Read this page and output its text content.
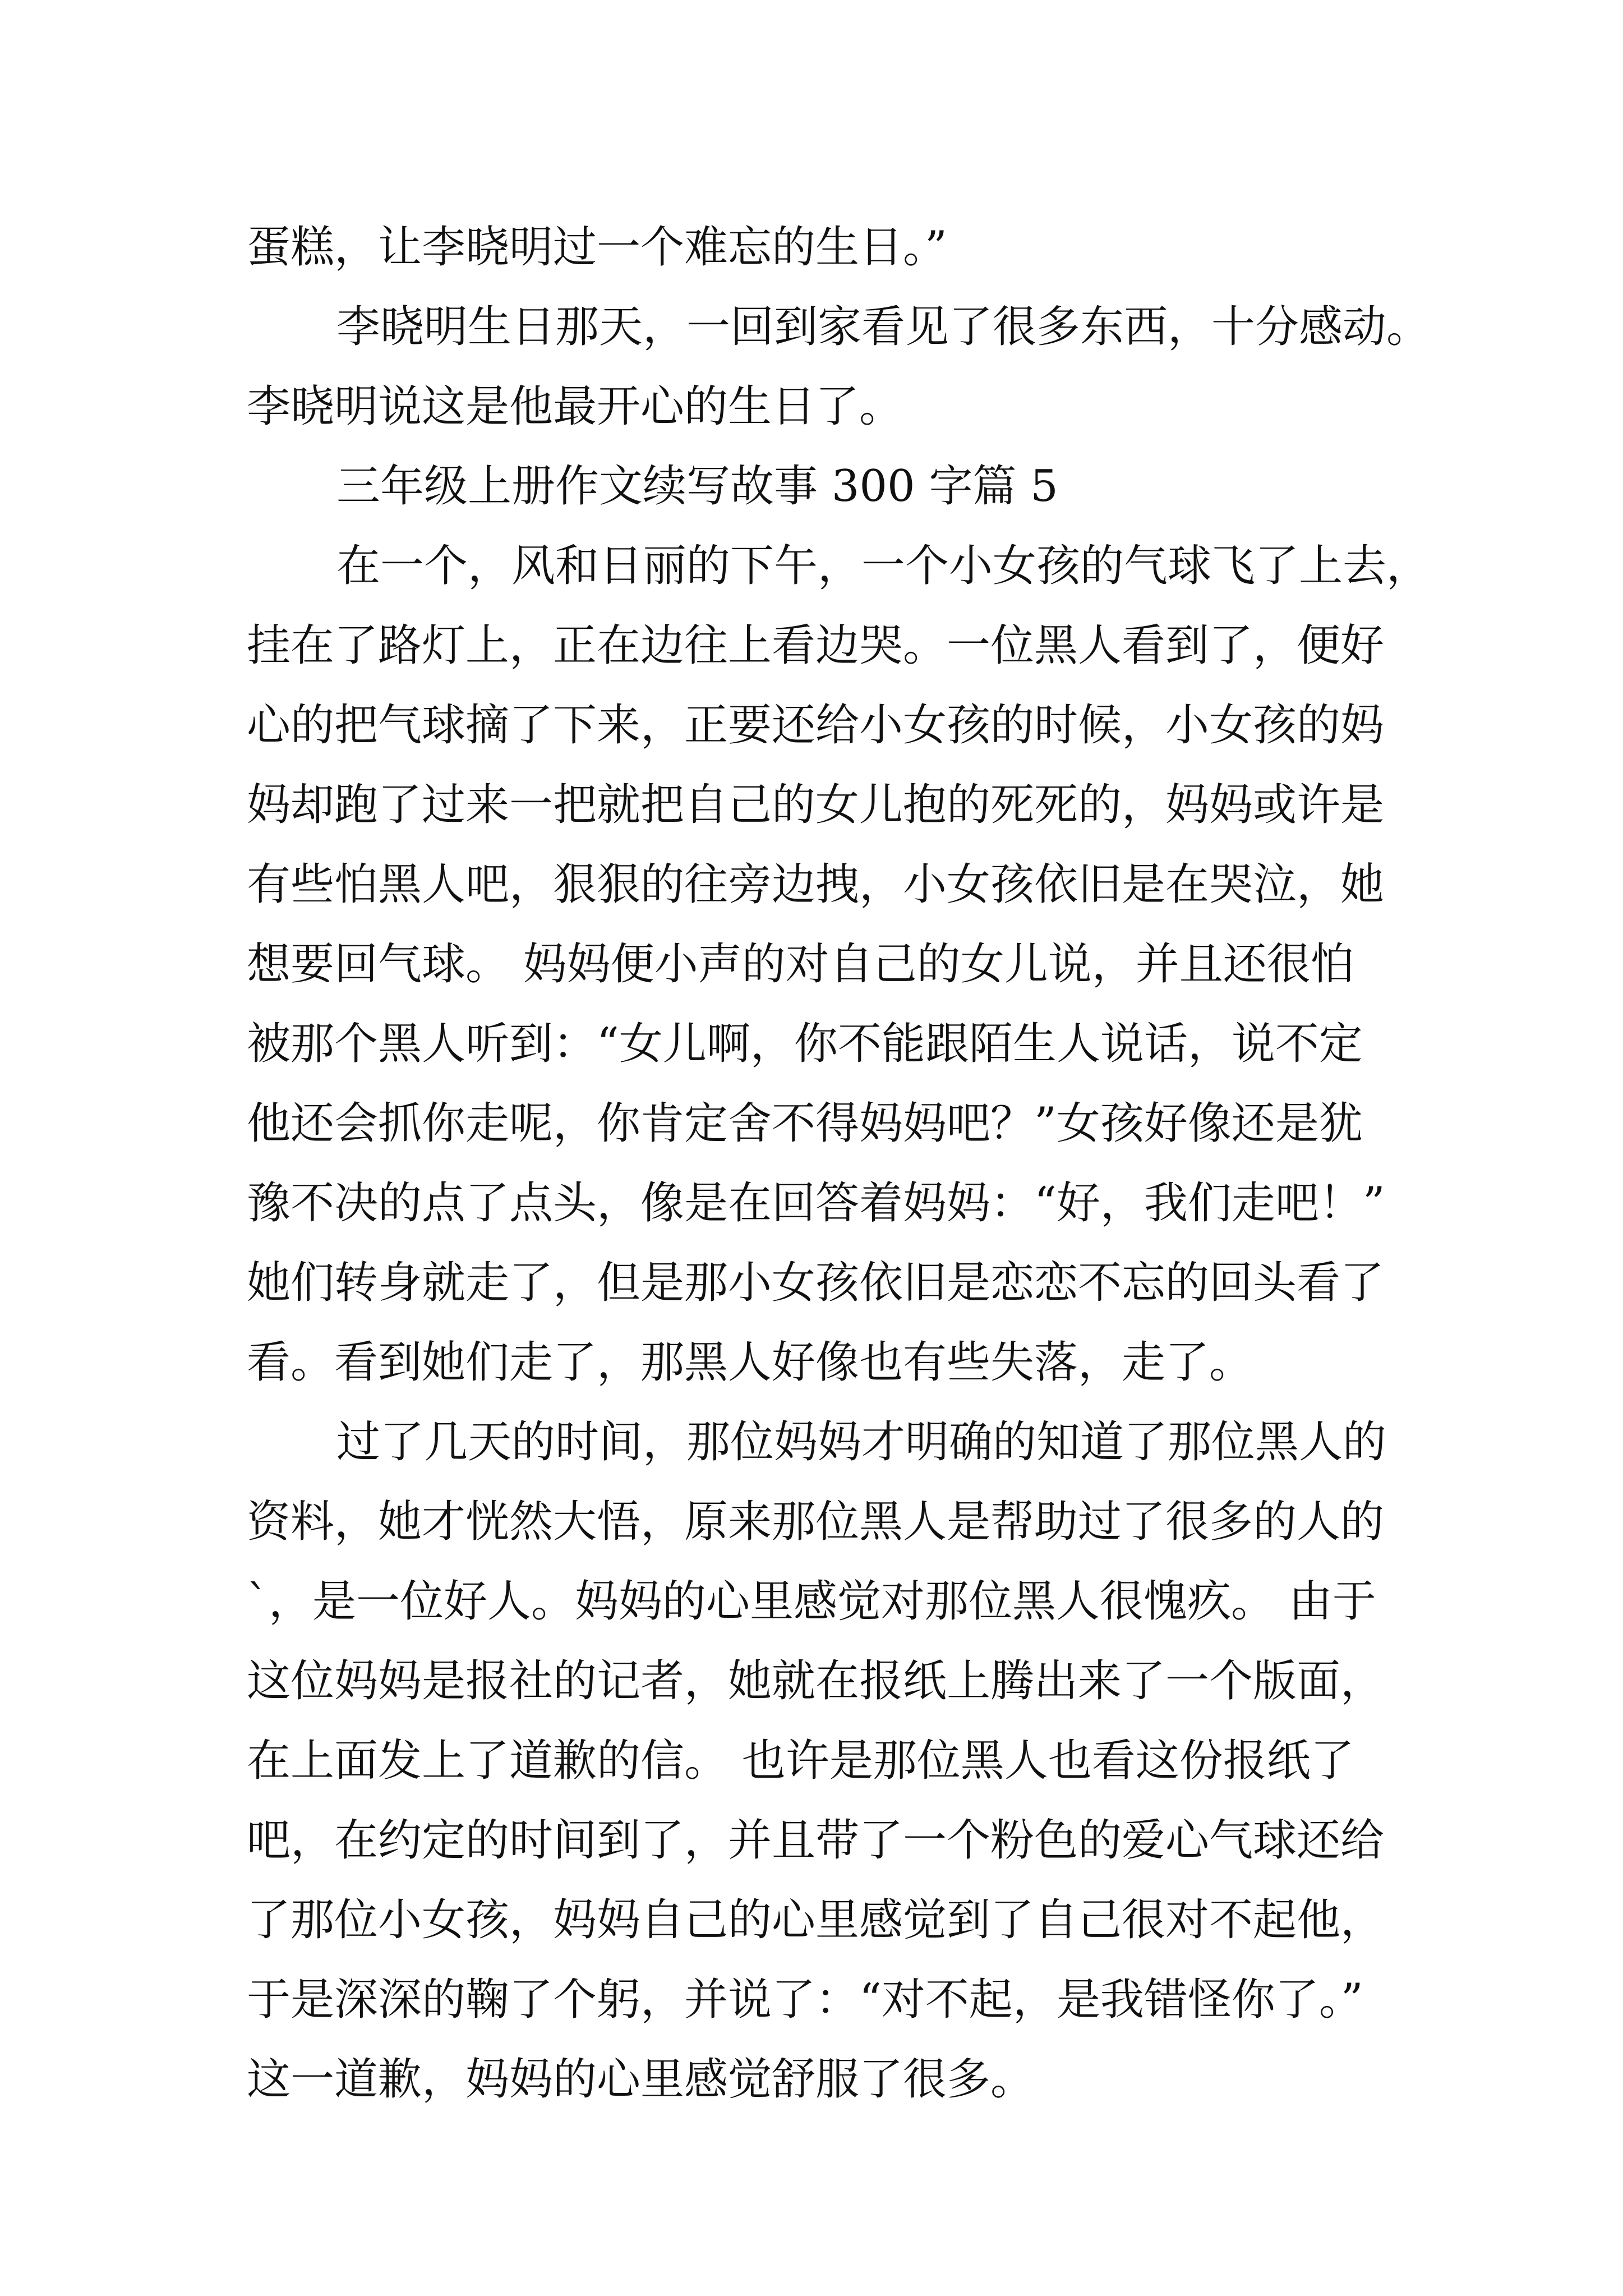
蛋糕，让李晓明过一个难忘的生日。”
李晓明生日那天，一回到家看见了很多东西，十分感动。
李晓明说这是他最开心的生日了。
三年级上册作文续写故事 300 字篇 5
在一个，风和日丽的下午，一个小女孩的气球飞了上去，
挂在了路灯上，正在边往上看边哭。一位黑人看到了，便好
心的把气球摘了下来，正要还给小女孩的时候，小女孩的妈
妈却跑了过来一把就把自己的女儿抱的死死的，妈妈或许是
有些怕黑人吧，狠狠的往旁边拽，小女孩依旧是在哭泣，她
想要回气球。 妈妈便小声的对自己的女儿说，并且还很怕
被那个黑人听到：“女儿啊，你不能跟陌生人说话，说不定
他还会抓你走呢，你肯定舍不得妈妈吧？”女孩好像还是犹
豫不决的点了点头，像是在回答着妈妈：“好，我们走吧！”
她们转身就走了，但是那小女孩依旧是恋恋不忘的回头看了
看。看到她们走了，那黑人好像也有些失落，走了。
过了几天的时间，那位妈妈才明确的知道了那位黑人的
资料，她才恍然大悟，原来那位黑人是帮助过了很多的人的
`，是一位好人。妈妈的心里感觉对那位黑人很愧疚。 由于
这位妈妈是报社的记者，她就在报纸上腾出来了一个版面，
在上面发上了道歉的信。 也许是那位黑人也看这份报纸了
吧，在约定的时间到了，并且带了一个粉色的爱心气球还给
了那位小女孩，妈妈自己的心里感觉到了自己很对不起他，
于是深深的鞠了个躬，并说了：“对不起，是我错怪你了。”
这一道歉，妈妈的心里感觉舒服了很多。
